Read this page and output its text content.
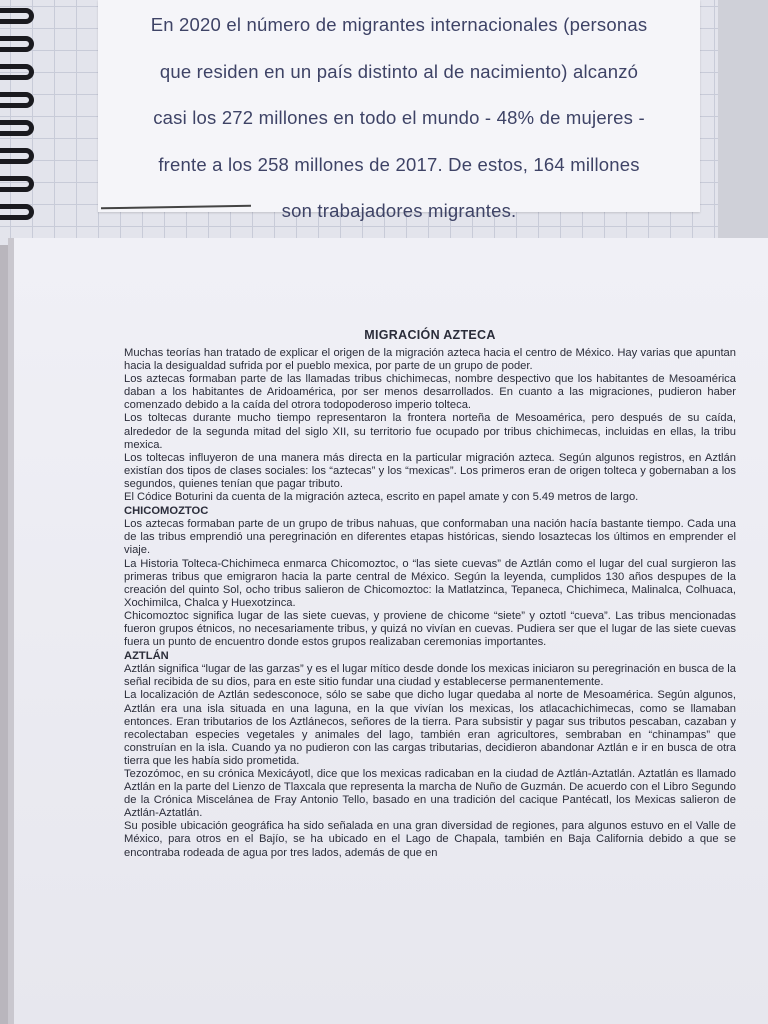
En 2020 el número de migrantes internacionales (personas
que residen en un país distinto al de nacimiento) alcanzó
casi los 272 millones en todo el mundo - 48% de mujeres -
frente a los 258 millones de 2017. De estos, 164 millones
son trabajadores migrantes.
MIGRACIÓN AZTECA

Muchas teorías han tratado de explicar el origen de la migración azteca hacia el centro de México. Hay varias que apuntan hacia la desigualdad sufrida por el pueblo mexica, por parte de un grupo de poder.

Los aztecas formaban parte de las llamadas tribus chichimecas, nombre despectivo que los habitantes de Mesoamérica daban a los habitantes de Aridoamérica, por ser menos desarrollados. En cuanto a las migraciones, pudieron haber comenzado debido a la caída del otrora todopoderoso imperio tolteca.

Los toltecas durante mucho tiempo representaron la frontera norteña de Mesoamérica, pero después de su caída, alrededor de la segunda mitad del siglo XII, su territorio fue ocupado por tribus chichimecas, incluidas en ellas, la tribu mexica.

Los toltecas influyeron de una manera más directa en la particular migración azteca. Según algunos registros, en Aztlán existían dos tipos de clases sociales: los “aztecas” y los “mexicas”. Los primeros eran de origen tolteca y gobernaban a los segundos, quienes tenían que pagar tributo.

El Códice Boturini da cuenta de la migración azteca, escrito en papel amate y con 5.49 metros de largo.

CHICOMOZTOC

Los aztecas formaban parte de un grupo de tribus nahuas, que conformaban una nación hacía bastante tiempo. Cada una de las tribus emprendió una peregrinación en diferentes etapas históricas, siendo losaztecas los últimos en emprender el viaje.

La Historia Tolteca-Chichimeca enmarca Chicomoztoc, o “las siete cuevas” de Aztlán como el lugar del cual surgieron las primeras tribus que emigraron hacia la parte central de México. Según la leyenda, cumplidos 130 años despupes de la creación del quinto Sol, ocho tribus salieron de Chicomoztoc: la Matlatzinca, Tepaneca, Chichimeca, Malinalca, Colhuaca, Xochimilca, Chalca y Huexotzinca.

Chicomoztoc significa lugar de las siete cuevas, y proviene de chicome “siete” y oztotl “cueva”. Las tribus mencionadas fueron grupos étnicos, no necesariamente tribus, y quizá no vivían en cuevas. Pudiera ser que el lugar de las siete cuevas fuera un punto de encuentro donde estos grupos realizaban ceremonias importantes.

AZTLÁN

Aztlán significa “lugar de las garzas” y es el lugar mítico desde donde los mexicas iniciaron su peregrinación en busca de la señal recibida de su dios, para en este sitio fundar una ciudad y establecerse permanentemente.

La localización de Aztlán sedesconoce, sólo se sabe que dicho lugar quedaba al norte de Mesoamérica. Según algunos, Aztlán era una isla situada en una laguna, en la que vivían los mexicas, los atlacachichimecas, como se llamaban entonces. Eran tributarios de los Aztlánecos, señores de la tierra. Para subsistir y pagar sus tributos pescaban, cazaban y recolectaban especies vegetales y animales del lago, también eran agricultores, sembraban en “chinampas” que construían en la isla. Cuando ya no pudieron con las cargas tributarias, decidieron abandonar Aztlán e ir en busca de otra tierra que les había sido prometida.

Tezozómoc, en su crónica Mexicáyotl, dice que los mexicas radicaban en la ciudad de Aztlán-Aztatlán. Aztatlán es llamado Aztlán en la parte del Lienzo de Tlaxcala que representa la marcha de Nuño de Guzmán. De acuerdo con el Libro Segundo de la Crónica Miscelánea de Fray Antonio Tello, basado en una tradición del cacique Pantécatl, los Mexicas salieron de Aztlán-Aztatlán.

Su posible ubicación geográfica ha sido señalada en una gran diversidad de regiones, para algunos estuvo en el Valle de México, para otros en el Bajío, se ha ubicado en el Lago de Chapala, también en Baja California debido a que se encontraba rodeada de agua por tres lados, además de que en
